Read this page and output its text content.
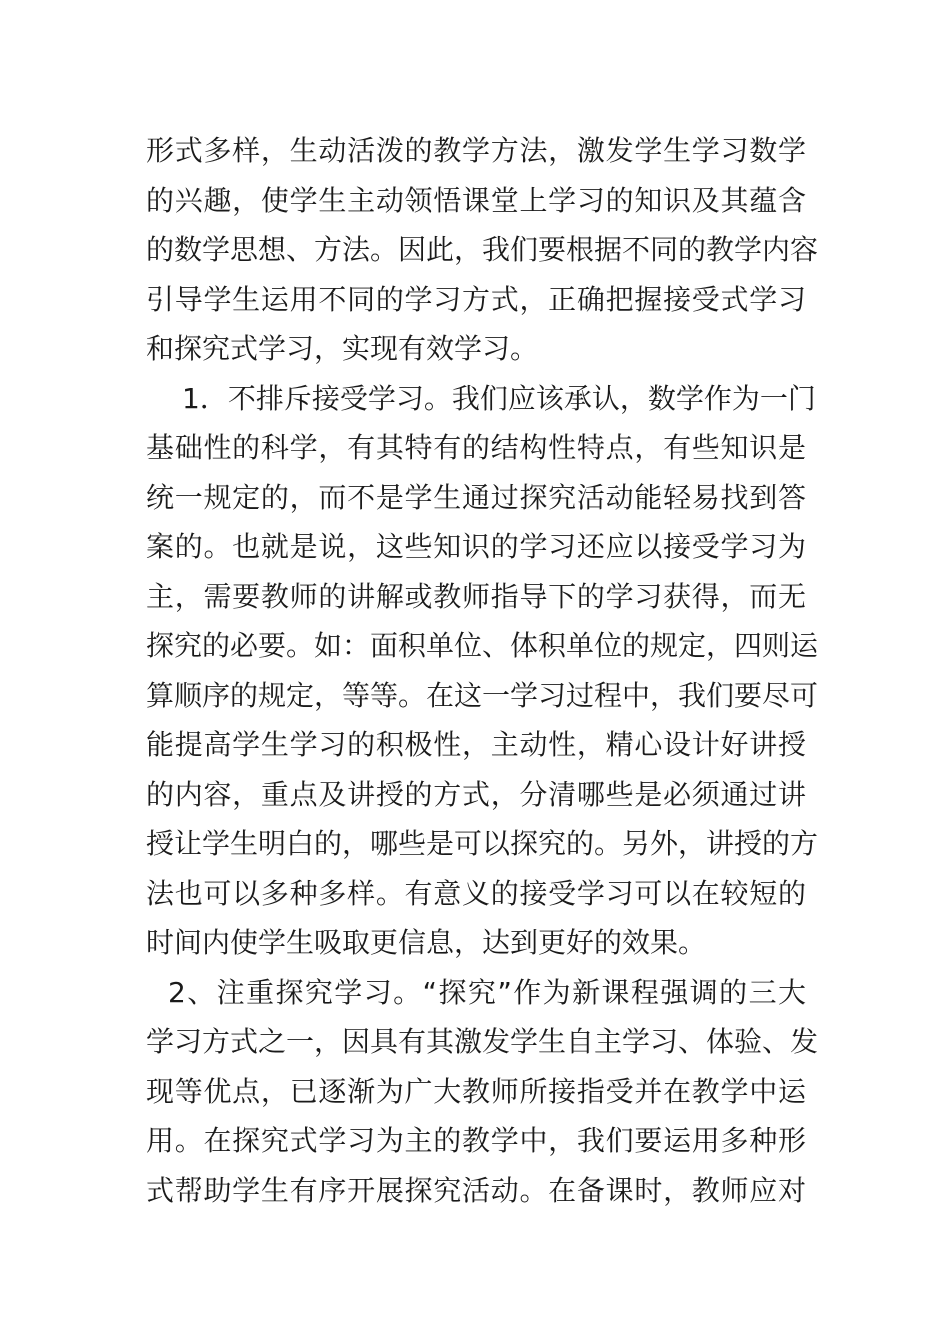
形式多样，生动活泼的教学方法，激发学生学习数学
的兴趣，使学生主动领悟课堂上学习的知识及其蕴含
的数学思想、方法。因此，我们要根据不同的教学内容
引导学生运用不同的学习方式，正确把握接受式学习
和探究式学习，实现有效学习。
1．不排斥接受学习。我们应该承认，数学作为一门
基础性的科学，有其特有的结构性特点，有些知识是
统一规定的，而不是学生通过探究活动能轻易找到答
案的。也就是说，这些知识的学习还应以接受学习为
主，需要教师的讲解或教师指导下的学习获得，而无
探究的必要。如：面积单位、体积单位的规定，四则运
算顺序的规定，等等。在这一学习过程中，我们要尽可
能提高学生学习的积极性，主动性，精心设计好讲授
的内容，重点及讲授的方式，分清哪些是必须通过讲
授让学生明白的，哪些是可以探究的。另外，讲授的方
法也可以多种多样。有意义的接受学习可以在较短的
时间内使学生吸取更信息，达到更好的效果。
2、注重探究学习。“探究”作为新课程强调的三大
学习方式之一，因具有其激发学生自主学习、体验、发
现等优点，已逐渐为广大教师所接指受并在教学中运
用。在探究式学习为主的教学中，我们要运用多种形
式帮助学生有序开展探究活动。在备课时，教师应对
